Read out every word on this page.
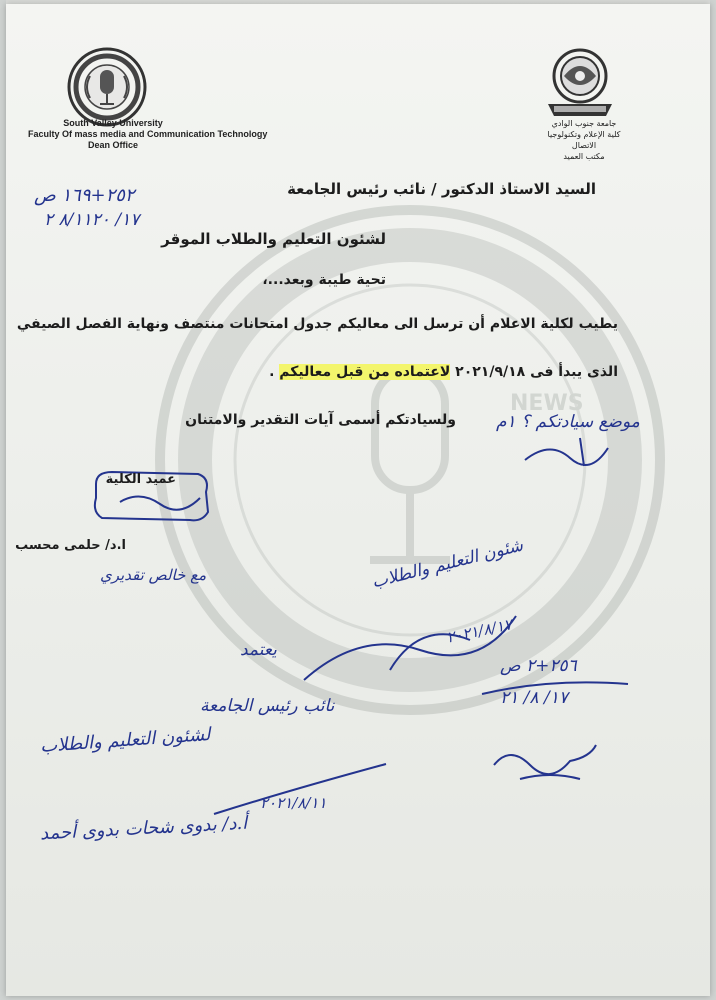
NEWS
South Valley University
Faculty Of mass media and Communication Technology
Dean Office
جامعة جنوب الوادي
كلية الإعلام وتكنولوجيا الاتصال
مكتب العميد
السيد الاستاذ الدكتور / نائب رئيس الجامعة
لشئون التعليم والطلاب الموقر
تحية طيبة وبعد...،
يطيب لكلية الاعلام أن ترسل الى معاليكم جدول امتحانات منتصف ونهاية الفصل الصيفي
الذى يبدأ فى ٢٠٢١/٩/١٨ لاعتماده من قبل معاليكم .
ولسيادتكم أسمى آيات التقدير والامتنان
عميد الكلية
ا.د/ حلمى محسب
٢٥٢+١٦٩ ص
١٧/ ٨/١١٢٠ ٢
موضع سيادتكم ؟ ١م
مع خالص تقديري	شئون التعليم والطلاب
٢٠٢١/٨/١٧
يعتمد
٢٥٦+٢ ص
١٧/ ٨/ ٢١
نائب رئيس الجامعة
لشئون التعليم والطلاب
٢٠٢١/٨/١١
أ.د/ بدوى شحات بدوى أحمد
